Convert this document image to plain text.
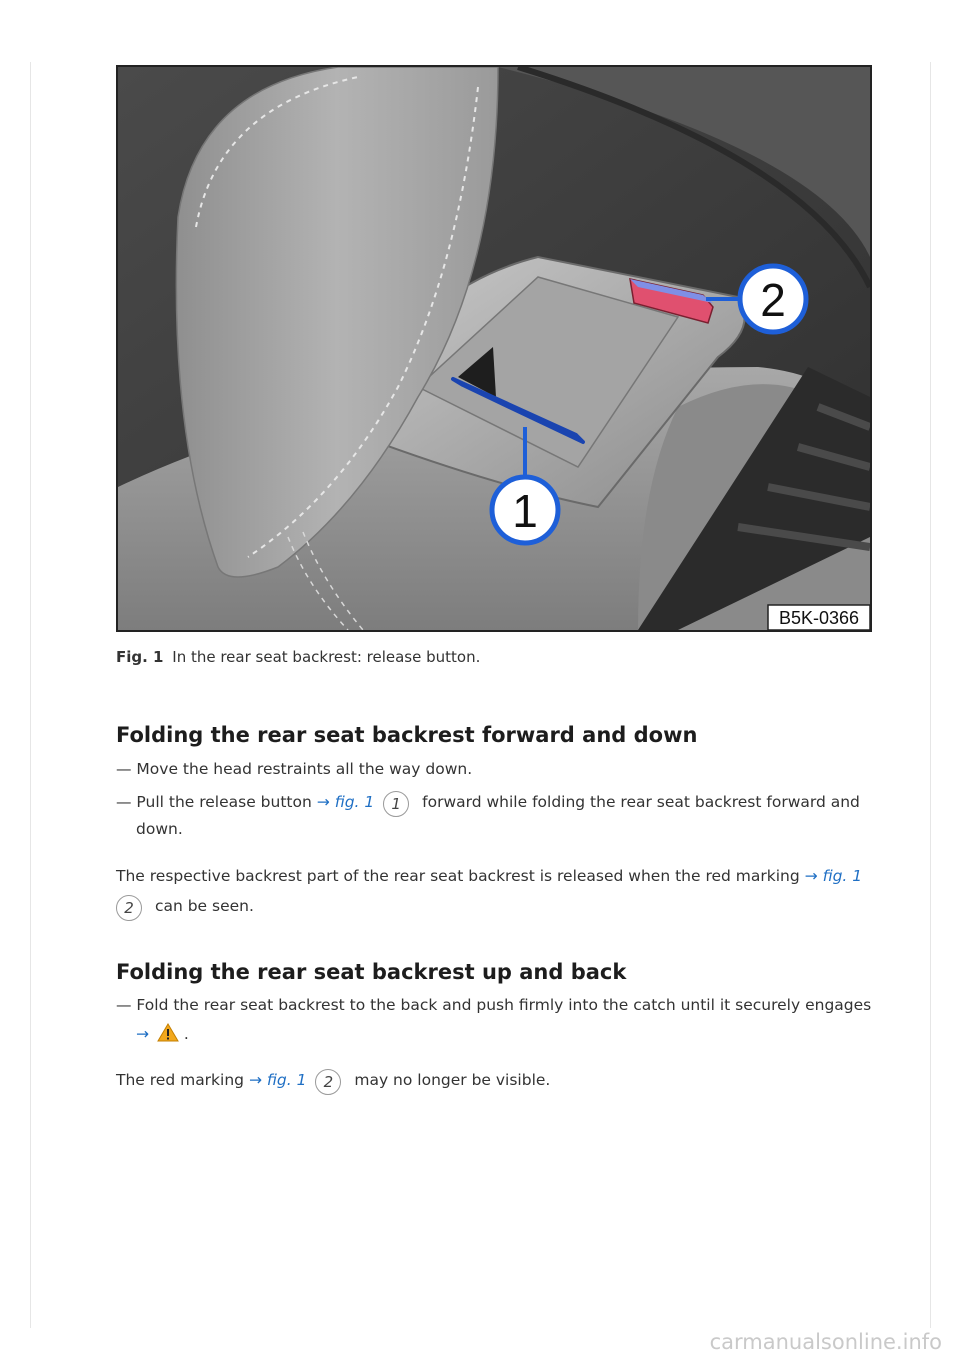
1
2
B5K-0366
Fig. 1 In the rear seat backrest: release button.
Folding the rear seat backrest forward and down
— Move the head restraints all the way down.
— Pull the release button → fig. 1 1 forward while folding the rear seat backrest forward and
down.
The respective backrest part of the rear seat backrest is released when the red marking → fig. 1
2 can be seen.
Folding the rear seat backrest up and back
— Fold the rear seat backrest to the back and push firmly into the catch until it securely engages
→ .
The red marking → fig. 1 2 may no longer be visible.
carmanualsonline.info
